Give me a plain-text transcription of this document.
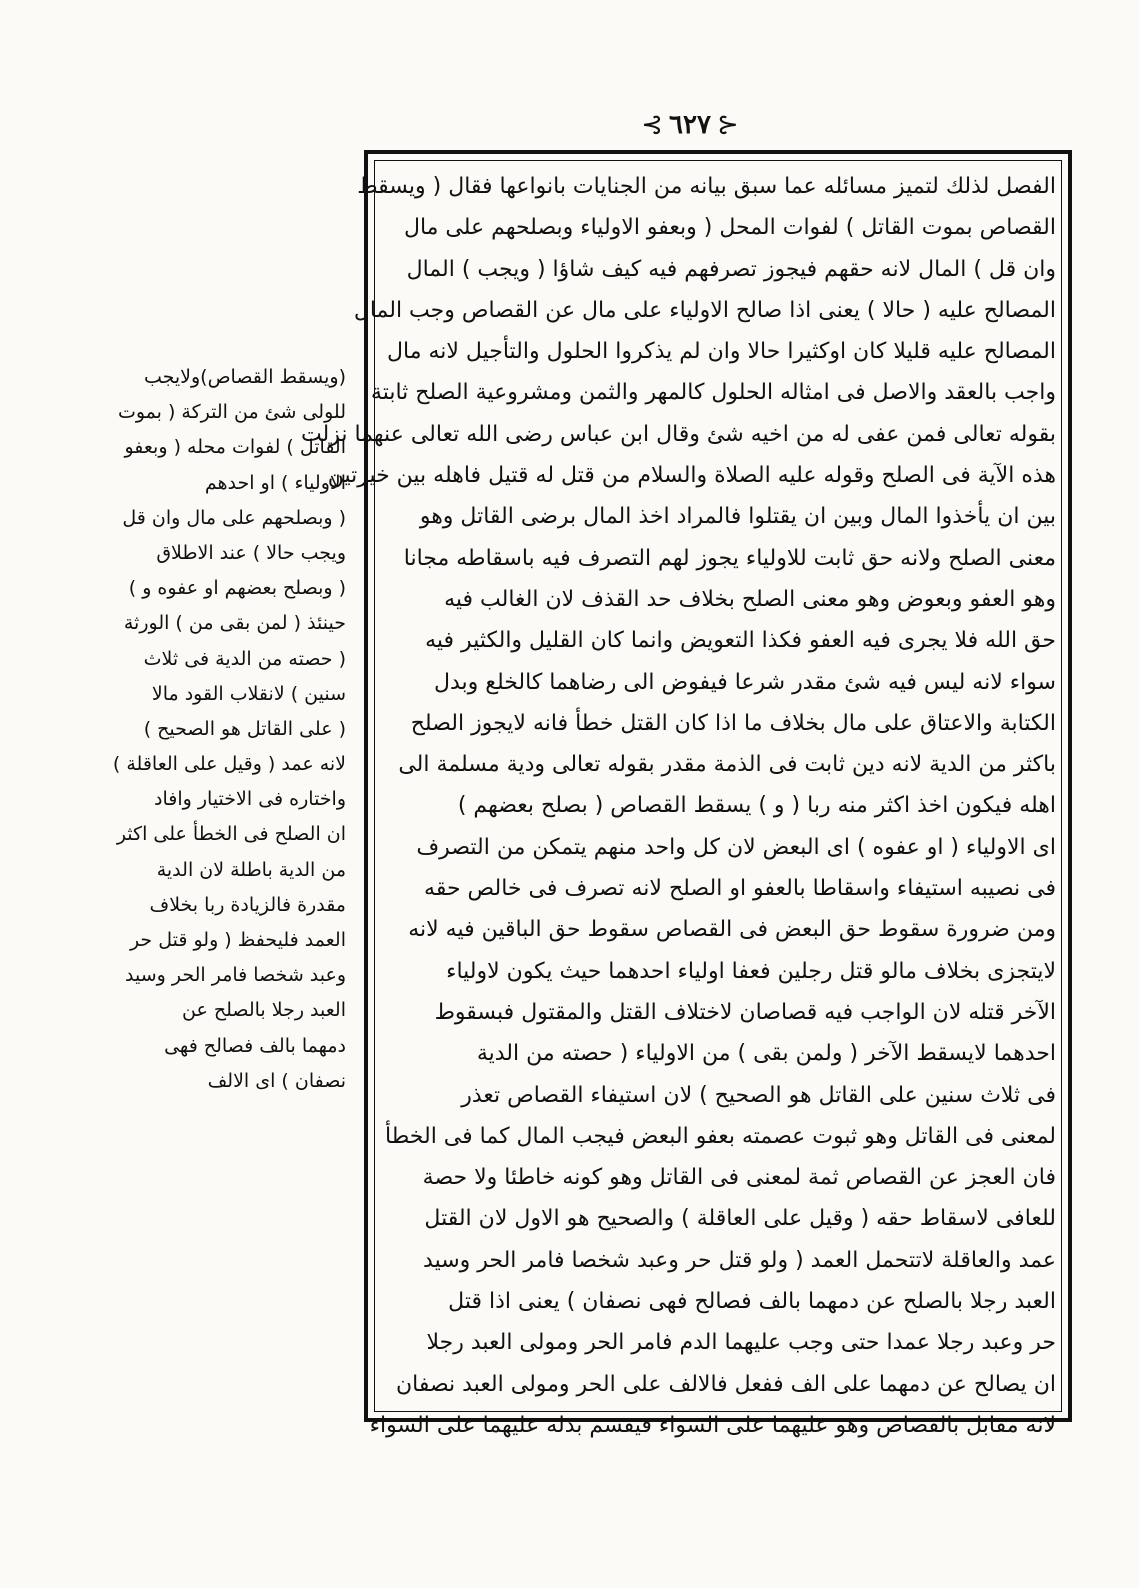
⊰ ٦٢٧ ⊱
الفصل لذلك لتميز مسائله عما سبق بيانه من الجنايات بانواعها فقال ( ويسقط
القصاص بموت القاتل ) لفوات المحل ( وبعفو الاولياء وبصلحهم على مال
وان قل ) المال لانه حقهم فيجوز تصرفهم فيه كيف شاؤا ( ويجب ) المال
المصالح عليه ( حالا ) يعنى اذا صالح الاولياء على مال عن القصاص وجب المال
المصالح عليه قليلا كان اوكثيرا حالا وان لم يذكروا الحلول والتأجيل لانه مال
واجب بالعقد والاصل فى امثاله الحلول كالمهر والثمن ومشروعية الصلح ثابتة
بقوله تعالى فمن عفى له من اخيه شئ وقال ابن عباس رضى الله تعالى عنهما نزلت
هذه الآية فى الصلح وقوله عليه الصلاة والسلام من قتل له قتيل فاهله بين خيرتين
بين ان يأخذوا المال وبين ان يقتلوا فالمراد اخذ المال برضى القاتل وهو
معنى الصلح ولانه حق ثابت للاولياء يجوز لهم التصرف فيه باسقاطه مجانا
وهو العفو وبعوض وهو معنى الصلح بخلاف حد القذف لان الغالب فيه
حق الله فلا يجرى فيه العفو فكذا التعويض وانما كان القليل والكثير فيه
سواء لانه ليس فيه شئ مقدر شرعا فيفوض الى رضاهما كالخلع وبدل
الكتابة والاعتاق على مال بخلاف ما اذا كان القتل خطأ فانه لايجوز الصلح
باكثر من الدية لانه دين ثابت فى الذمة مقدر بقوله تعالى ودية مسلمة الى
اهله فيكون اخذ اكثر منه ربا ( و ) يسقط القصاص ( بصلح بعضهم )
اى الاولياء ( او عفوه ) اى البعض لان كل واحد منهم يتمكن من التصرف
فى نصيبه استيفاء واسقاطا بالعفو او الصلح لانه تصرف فى خالص حقه
ومن ضرورة سقوط حق البعض فى القصاص سقوط حق الباقين فيه لانه
لايتجزى بخلاف مالو قتل رجلين فعفا اولياء احدهما حيث يكون لاولياء
الآخر قتله لان الواجب فيه قصاصان لاختلاف القتل والمقتول فبسقوط
احدهما لايسقط الآخر ( ولمن بقى ) من الاولياء ( حصته من الدية
فى ثلاث سنين على القاتل هو الصحيح ) لان استيفاء القصاص تعذر
لمعنى فى القاتل وهو ثبوت عصمته بعفو البعض فيجب المال كما فى الخطأ
فان العجز عن القصاص ثمة لمعنى فى القاتل وهو كونه خاطئا ولا حصة
للعافى لاسقاط حقه ( وقيل على العاقلة ) والصحيح هو الاول لان القتل
عمد والعاقلة لاتتحمل العمد ( ولو قتل حر وعبد شخصا فامر الحر وسيد
العبد رجلا بالصلح عن دمهما بالف فصالح فهى نصفان ) يعنى اذا قتل
حر وعبد رجلا عمدا حتى وجب عليهما الدم فامر الحر ومولى العبد رجلا
ان يصالح عن دمهما على الف ففعل فالالف على الحر ومولى العبد نصفان
لانه مقابل بالقصاص وهو عليهما على السواء فيقسم بدله عليهما على السواء
(ويسقط القصاص)ولايجب
للولى شئ من التركة ( بموت
القاتل ) لفوات محله ( وبعفو
الاولياء ) او احدهم
( وبصلحهم على مال وان قل
ويجب حالا ) عند الاطلاق
( وبصلح بعضهم او عفوه و )
حينئذ ( لمن بقى من ) الورثة
( حصته من الدية فى ثلاث
سنين ) لانقلاب القود مالا
( على القاتل هو الصحيح )
لانه عمد ( وقيل على العاقلة )
واختاره فى الاختيار وافاد
ان الصلح فى الخطأ على اكثر
من الدية باطلة لان الدية
مقدرة فالزيادة ربا بخلاف
العمد فليحفظ ( ولو قتل حر
وعبد شخصا فامر الحر وسيد
العبد رجلا بالصلح عن
دمهما بالف فصالح فهى
نصفان ) اى الالف
